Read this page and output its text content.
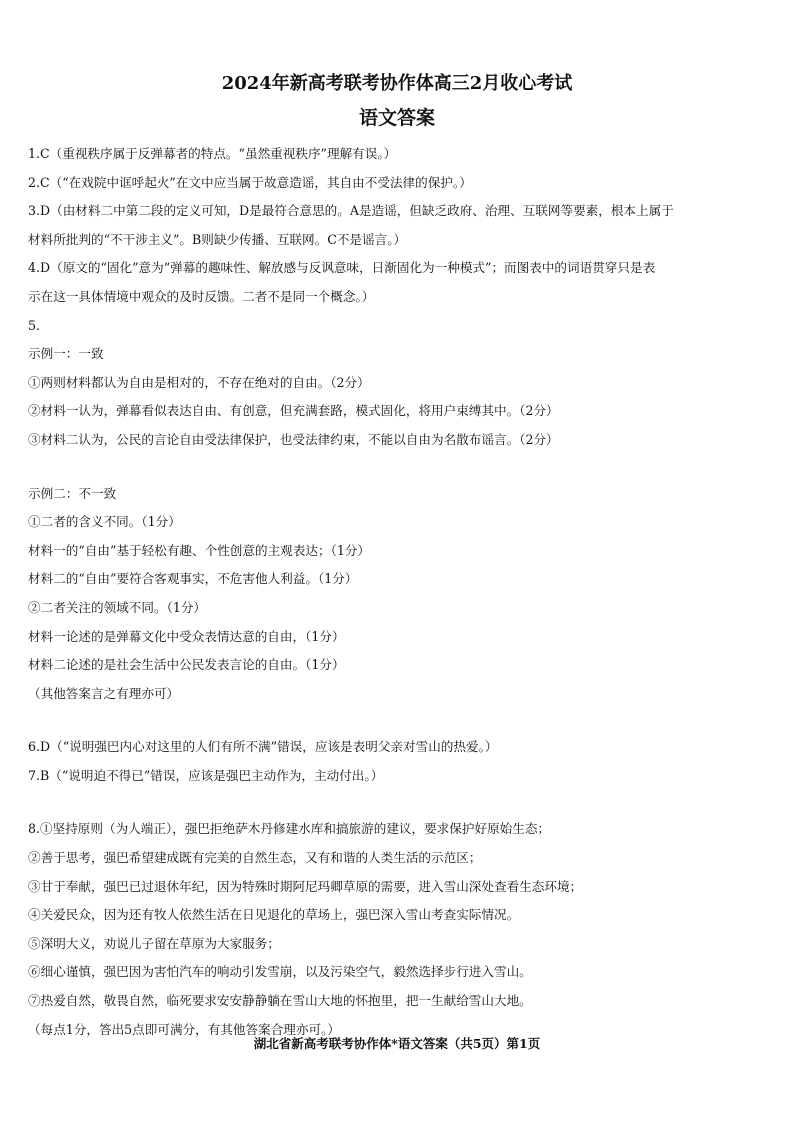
2024年新高考联考协作体高三2月收心考试
语文答案
1.C（重视秩序属于反弹幕者的特点。“虽然重视秩序”理解有误。）
2.C（“在戏院中诓呼起火”在文中应当属于故意造谣，其自由不受法律的保护。）
3.D（由材料二中第二段的定义可知，D是最符合意思的。A是造谣，但缺乏政府、治理、互联网等要素，根本上属于
材料所批判的“不干涉主义”。B则缺少传播、互联网。C不是谣言。）
4.D（原文的“固化”意为“弹幕的趣味性、解放感与反讽意味，日渐固化为一种模式”；而图表中的词语贯穿只是表
示在这一具体情境中观众的及时反馈。二者不是同一个概念。）
5.
示例一：一致
①两则材料都认为自由是相对的，不存在绝对的自由。（2分）
②材料一认为，弹幕看似表达自由、有创意，但充满套路，模式固化，将用户束缚其中。（2分）
③材料二认为，公民的言论自由受法律保护，也受法律约束，不能以自由为名散布谣言。（2分）
示例二：不一致
①二者的含义不同。（1分）
材料一的“自由”基于轻松有趣、个性创意的主观表达；（1分）
材料二的“自由”要符合客观事实，不危害他人利益。（1分）
②二者关注的领域不同。（1分）
材料一论述的是弹幕文化中受众表情达意的自由，（1分）
材料二论述的是社会生活中公民发表言论的自由。（1分）
（其他答案言之有理亦可）
6.D（“说明强巴内心对这里的人们有所不满”错误，应该是表明父亲对雪山的热爱。）
7.B（“说明迫不得已”错误，应该是强巴主动作为，主动付出。）
8.①坚持原则（为人端正），强巴拒绝萨木丹修建水库和搞旅游的建议，要求保护好原始生态；
②善于思考，强巴希望建成既有完美的自然生态，又有和谐的人类生活的示范区；
③甘于奉献，强巴已过退休年纪，因为特殊时期阿尼玛卿草原的需要，进入雪山深处查看生态环境；
④关爱民众，因为还有牧人依然生活在日见退化的草场上，强巴深入雪山考查实际情况。
⑤深明大义，劝说儿子留在草原为大家服务；
⑥细心谨慎，强巴因为害怕汽车的响动引发雪崩，以及污染空气，毅然选择步行进入雪山。
⑦热爱自然，敬畏自然，临死要求安安静静躺在雪山大地的怀抱里，把一生献给雪山大地。
（每点1分，答出5点即可满分，有其他答案合理亦可。）
湖北省新高考联考协作体*语文答案（共5页）第1页
